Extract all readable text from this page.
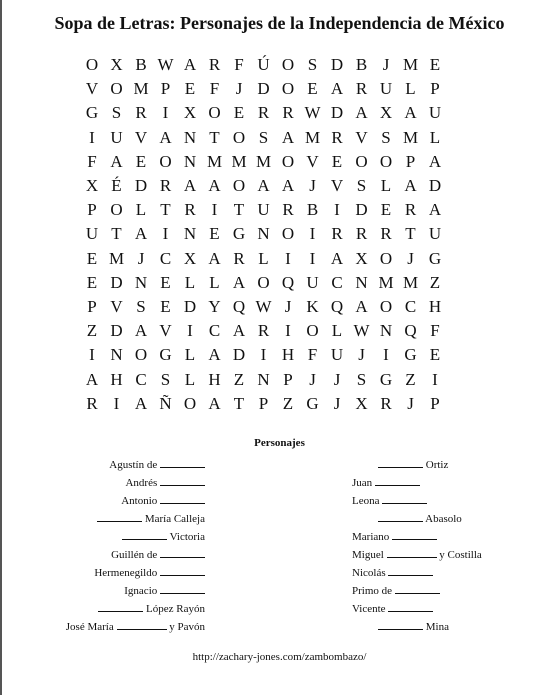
Sopa de Letras: Personajes de la Independencia de México
O X B W A R F Ú O S D B J M E
V O M P E F J D O E A R U L P
G S R I X O E R R W D A X A U
I U V A N T O S A M R V S M L
F A E O N M M M O V E O O P A
X É D R A A O A A J V S L A D
P O L T R I T U R B I D E R A
U T A I N E G N O I R R R T U
E M J C X A R L I	I A X O J G
E D N E L L A O Q U C N M M Z
P V S E D Y Q W J K Q A O C H
Z D A V I C A R I O L W N Q F
I N O G L A D I H F U J	I G E
A H C S L H Z N P J	J S G Z I
R I A Ñ O A T P Z G J X R J P
Personajes
Agustín de
Andrés
Antonio
María Calleja
Victoria
Guillén de
Hermenegildo
Ignacio
López Rayón
José María	y Pavón
Ortiz
Juan
Leona
Abasolo
Mariano
Miguel	y Costilla
Nicolás
Primo de
Vicente
Mina
http://zachary-jones.com/zambombazo/
